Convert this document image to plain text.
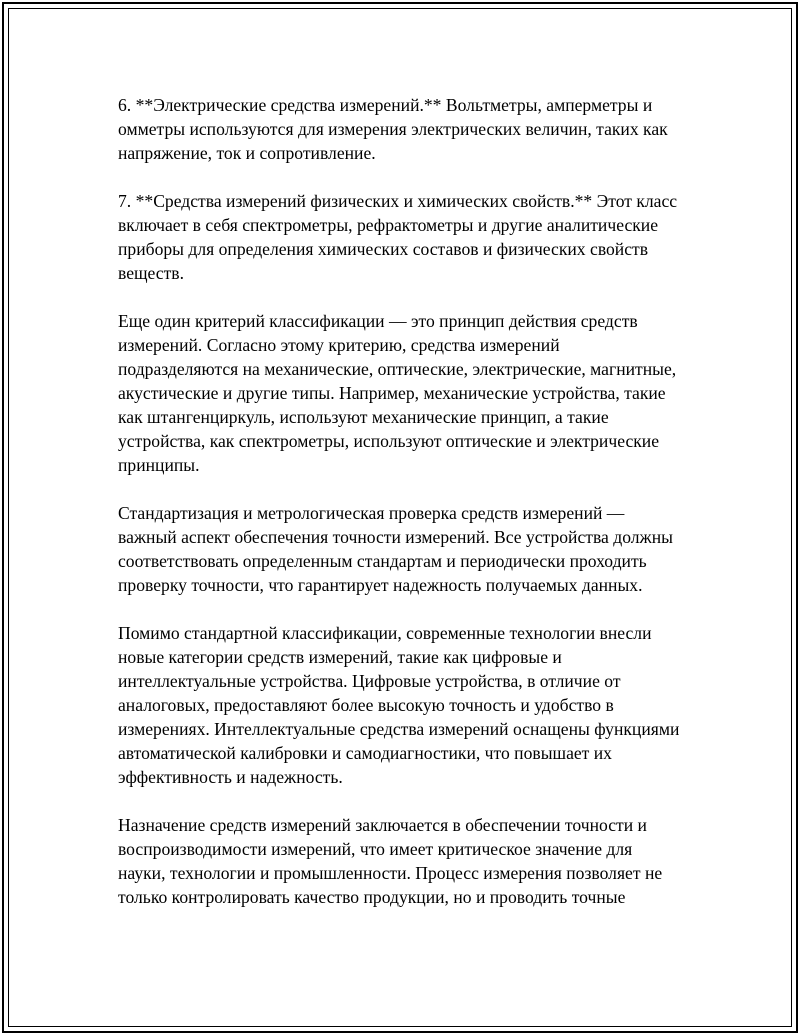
6. **Электрические средства измерений.** Вольтметры, амперметры и омметры используются для измерения электрических величин, таких как напряжение, ток и сопротивление.

7. **Средства измерений физических и химических свойств.** Этот класс включает в себя спектрометры, рефрактометры и другие аналитические приборы для определения химических составов и физических свойств веществ.

Еще один критерий классификации — это принцип действия средств измерений. Согласно этому критерию, средства измерений подразделяются на механические, оптические, электрические, магнитные, акустические и другие типы. Например, механические устройства, такие как штангенциркуль, используют механические принцип, а такие устройства, как спектрометры, используют оптические и электрические принципы.

Стандартизация и метрологическая проверка средств измерений — важный аспект обеспечения точности измерений. Все устройства должны соответствовать определенным стандартам и периодически проходить проверку точности, что гарантирует надежность получаемых данных.

Помимо стандартной классификации, современные технологии внесли новые категории средств измерений, такие как цифровые и интеллектуальные устройства. Цифровые устройства, в отличие от аналоговых, предоставляют более высокую точность и удобство в измерениях. Интеллектуальные средства измерений оснащены функциями автоматической калибровки и самодиагностики, что повышает их эффективность и надежность.

Назначение средств измерений заключается в обеспечении точности и воспроизводимости измерений, что имеет критическое значение для науки, технологии и промышленности. Процесс измерения позволяет не только контролировать качество продукции, но и проводить точные
